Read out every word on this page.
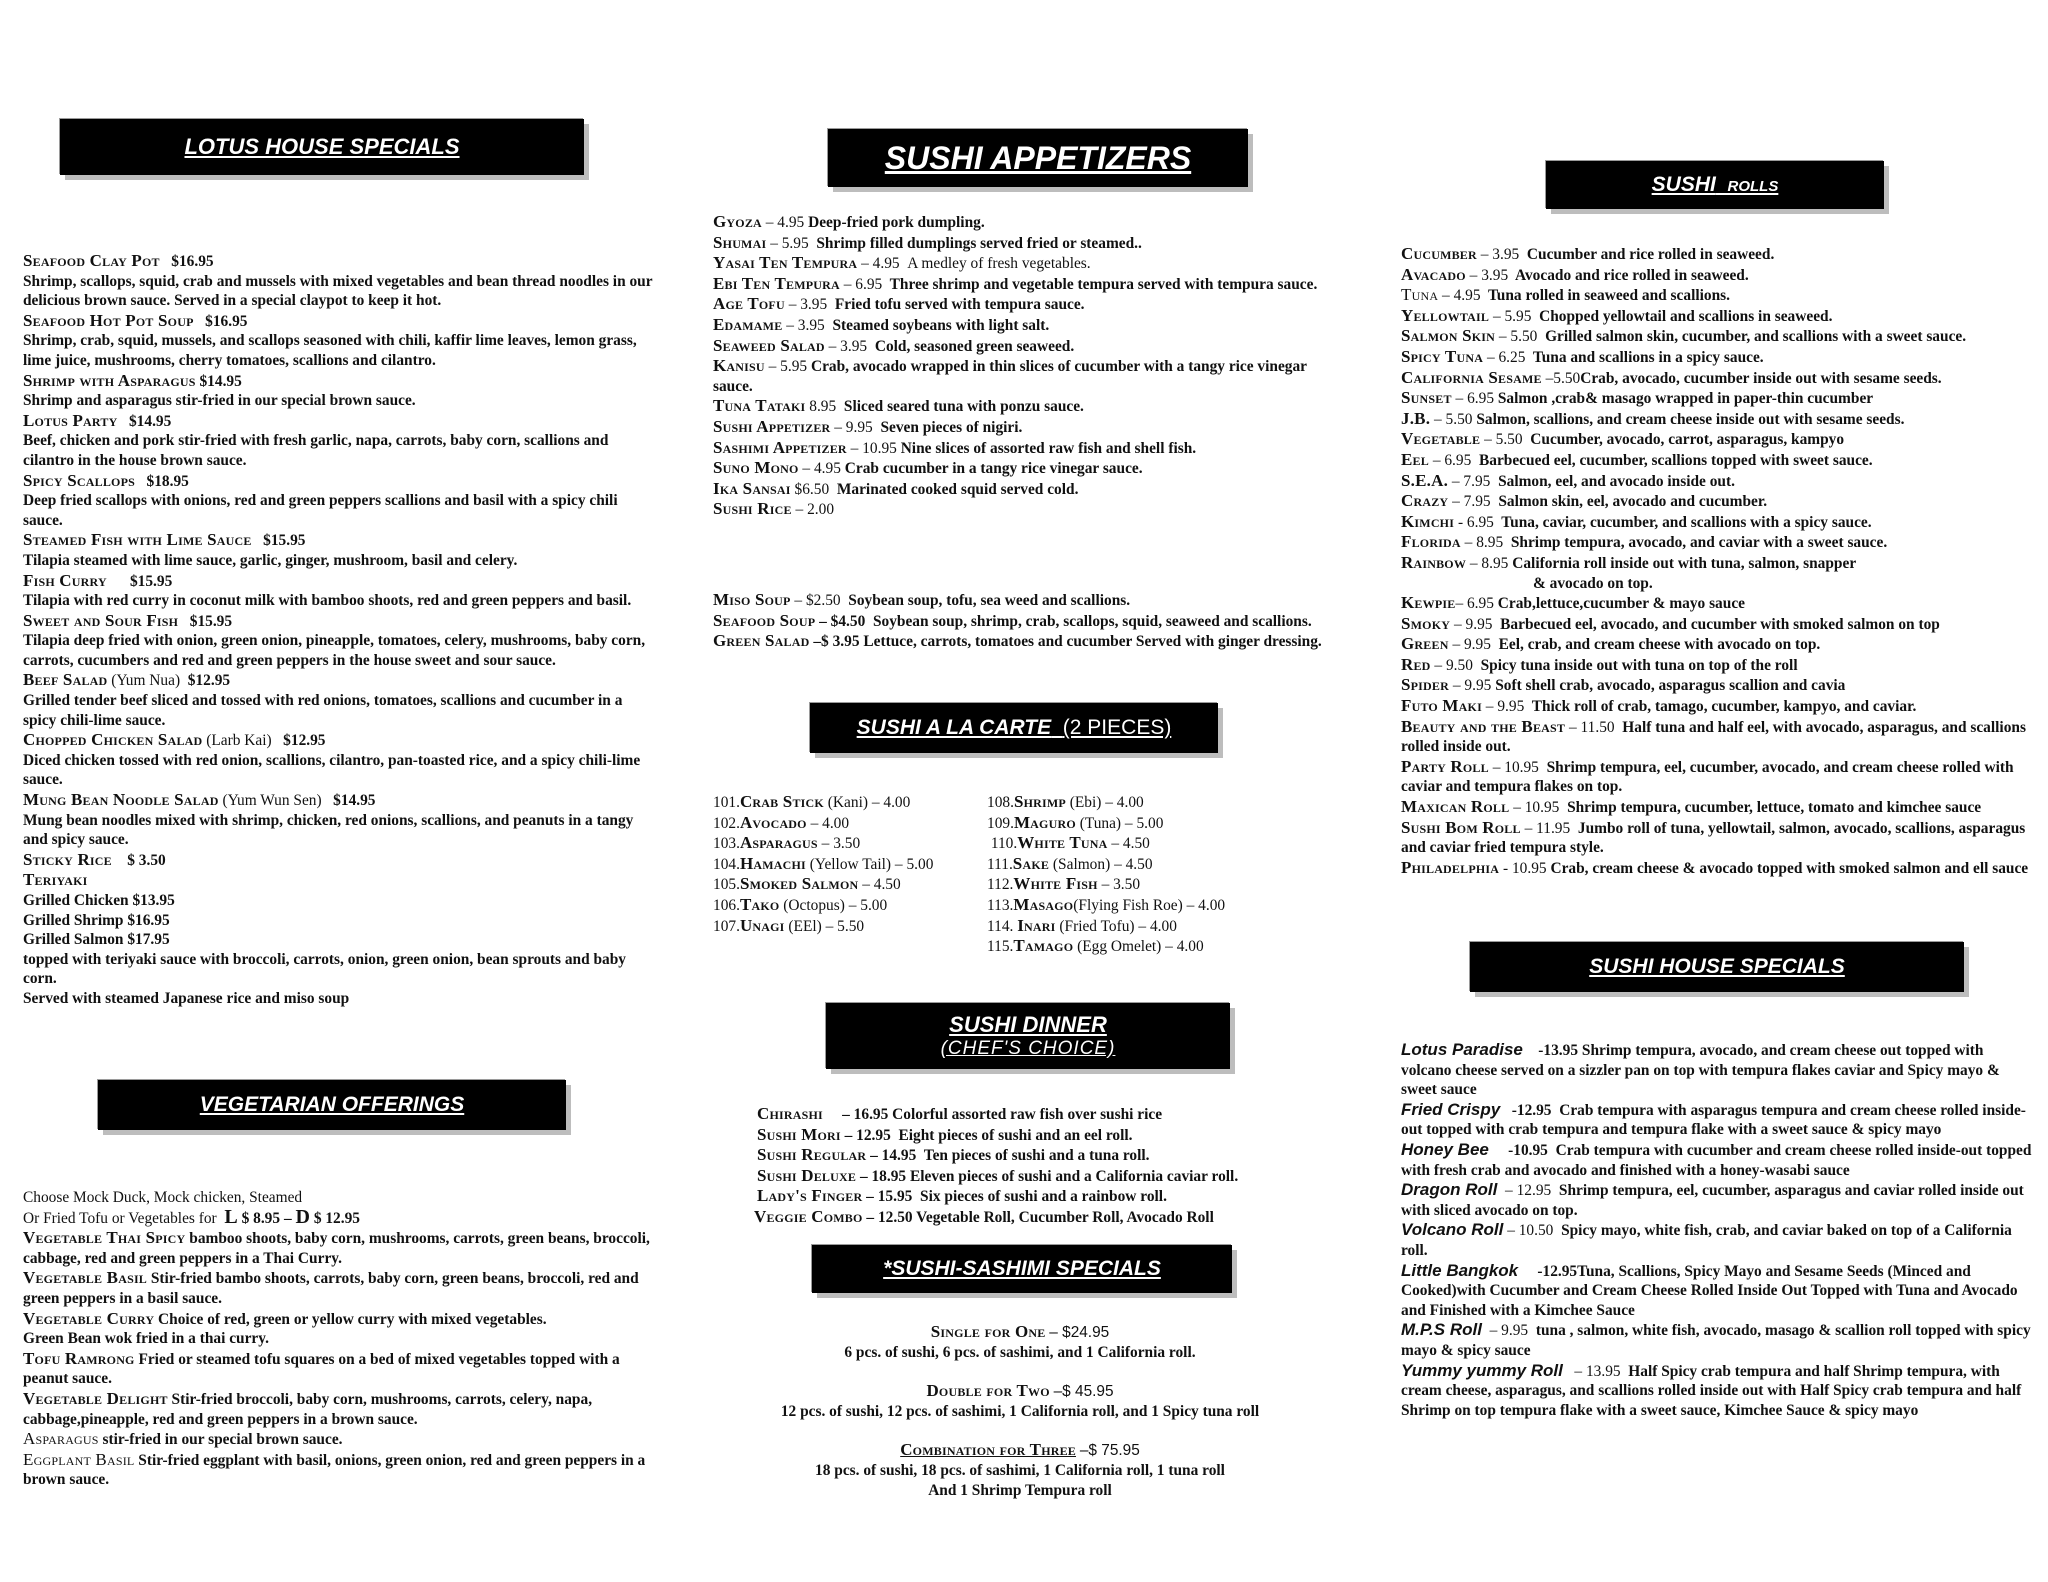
LOTUS HOUSE SPECIALS	SUSHI APPETIZERS
SUSHI ROLLS
VEGETARIAN OFFERINGS
SUSHI A LA CARTE (2 PIECES)
SUSHI DINNER
(CHEF'S CHOICE)
*SUSHI-SASHIMI SPECIALS
SUSHI HOUSE SPECIALS
Seafood Clay Pot $16.95
Shrimp, scallops, squid, crab and mussels with mixed vegetables and bean thread noodles in our delicious brown sauce. Served in a special claypot to keep it hot.
Seafood Hot Pot Soup $16.95
Shrimp, crab, squid, mussels, and scallops seasoned with chili, kaffir lime leaves, lemon grass, lime juice, mushrooms, cherry tomatoes, scallions and cilantro.
Shrimp with Asparagus $14.95
Shrimp and asparagus stir-fried in our special brown sauce.
Lotus Party $14.95
Beef, chicken and pork stir-fried with fresh garlic, napa, carrots, baby corn, scallions and cilantro in the house brown sauce.
Spicy Scallops $18.95
Deep fried scallops with onions, red and green peppers scallions and basil with a spicy chili sauce.
Steamed Fish with Lime Sauce $15.95
Tilapia steamed with lime sauce, garlic, ginger, mushroom, basil and celery.
Fish Curry $15.95
Tilapia with red curry in coconut milk with bamboo shoots, red and green peppers and basil.
Sweet and Sour Fish $15.95
Tilapia deep fried with onion, green onion, pineapple, tomatoes, celery, mushrooms, baby corn, carrots, cucumbers and red and green peppers in the house sweet and sour sauce.
Beef Salad (Yum Nua) $12.95
Grilled tender beef sliced and tossed with red onions, tomatoes, scallions and cucumber in a spicy chili-lime sauce.
Chopped Chicken Salad (Larb Kai) $12.95
Diced chicken tossed with red onion, scallions, cilantro, pan-toasted rice, and a spicy chili-lime sauce.
Mung Bean Noodle Salad (Yum Wun Sen) $14.95
Mung bean noodles mixed with shrimp, chicken, red onions, scallions, and peanuts in a tangy and spicy sauce.
Sticky Rice $ 3.50
Teriyaki
Grilled Chicken $13.95
Grilled Shrimp $16.95
Grilled Salmon $17.95
topped with teriyaki sauce with broccoli, carrots, onion, green onion, bean sprouts and baby corn.
Served with steamed Japanese rice and miso soup
Choose Mock Duck, Mock chicken, Steamed
Or Fried Tofu or Vegetables for L $ 8.95 – D $ 12.95
Vegetable Thai Spicy bamboo shoots, baby corn, mushrooms, carrots, green beans, broccoli, cabbage, red and green peppers in a Thai Curry.
Vegetable Basil Stir-fried bambo shoots, carrots, baby corn, green beans, broccoli, red and green peppers in a basil sauce.
Vegetable Curry Choice of red, green or yellow curry with mixed vegetables.
Green Bean wok fried in a thai curry.
Tofu Ramrong Fried or steamed tofu squares on a bed of mixed vegetables topped with a peanut sauce.
Vegetable Delight Stir-fried broccoli, baby corn, mushrooms, carrots, celery, napa, cabbage,pineapple, red and green peppers in a brown sauce.
Asparagus stir-fried in our special brown sauce.
Eggplant Basil Stir-fried eggplant with basil, onions, green onion, red and green peppers in a brown sauce.
Gyoza – 4.95 Deep-fried pork dumpling.
Shumai – 5.95 Shrimp filled dumplings served fried or steamed..
Yasai Ten Tempura – 4.95 A medley of fresh vegetables.
Ebi Ten Tempura – 6.95 Three shrimp and vegetable tempura served with tempura sauce.
Age Tofu – 3.95 Fried tofu served with tempura sauce.
Edamame – 3.95 Steamed soybeans with light salt.
Seaweed Salad – 3.95 Cold, seasoned green seaweed.
Kanisu – 5.95 Crab, avocado wrapped in thin slices of cucumber with a tangy rice vinegar sauce.
Tuna Tataki 8.95 Sliced seared tuna with ponzu sauce.
Sushi Appetizer – 9.95 Seven pieces of nigiri.
Sashimi Appetizer – 10.95 Nine slices of assorted raw fish and shell fish.
Suno Mono – 4.95 Crab cucumber in a tangy rice vinegar sauce.
Ika Sansai $6.50 Marinated cooked squid served cold.
Sushi Rice – 2.00
Miso Soup – $2.50 Soybean soup, tofu, sea weed and scallions.
Seafood Soup – $4.50 Soybean soup, shrimp, crab, scallops, squid, seaweed and scallions.
Green Salad –$ 3.95 Lettuce, carrots, tomatoes and cucumber Served with ginger dressing.
101.Crab Stick (Kani) – 4.00
102.Avocado – 4.00
103.Asparagus – 3.50
104.Hamachi (Yellow Tail) – 5.00
105.Smoked Salmon – 4.50
106.Tako (Octopus) – 5.00
107.Unagi (EEl) – 5.50
108.Shrimp (Ebi) – 4.00
109.Maguro (Tuna) – 5.00
110.White Tuna – 4.50
111.Sake (Salmon) – 4.50
112.White Fish – 3.50
113.Masago(Flying Fish Roe) – 4.00
114. Inari (Fried Tofu) – 4.00
115.Tamago (Egg Omelet) – 4.00
Chirashi – 16.95 Colorful assorted raw fish over sushi rice
Sushi Mori – 12.95 Eight pieces of sushi and an eel roll.
Sushi Regular – 14.95 Ten pieces of sushi and a tuna roll.
Sushi Deluxe – 18.95 Eleven pieces of sushi and a California caviar roll.
Lady's Finger – 15.95 Six pieces of sushi and a rainbow roll.
Veggie Combo – 12.50 Vegetable Roll, Cucumber Roll, Avocado Roll
Single for One – $24.95
6 pcs. of sushi, 6 pcs. of sashimi, and 1 California roll.
Double for Two –$ 45.95
12 pcs. of sushi, 12 pcs. of sashimi, 1 California roll, and 1 Spicy tuna roll
Combination for Three –$ 75.95
18 pcs. of sushi, 18 pcs. of sashimi, 1 California roll, 1 tuna roll
And 1 Shrimp Tempura roll
Cucumber – 3.95 Cucumber and rice rolled in seaweed.
Avacado – 3.95 Avocado and rice rolled in seaweed.
Tuna – 4.95 Tuna rolled in seaweed and scallions.
Yellowtail – 5.95 Chopped yellowtail and scallions in seaweed.
Salmon Skin – 5.50 Grilled salmon skin, cucumber, and scallions with a sweet sauce.
Spicy Tuna – 6.25 Tuna and scallions in a spicy sauce.
California Sesame –5.50Crab, avocado, cucumber inside out with sesame seeds.
Sunset – 6.95 Salmon ,crab& masago wrapped in paper-thin cucumber
J.B. – 5.50 Salmon, scallions, and cream cheese inside out with sesame seeds.
Vegetable – 5.50 Cucumber, avocado, carrot, asparagus, kampyo
Eel – 6.95 Barbecued eel, cucumber, scallions topped with sweet sauce.
S.E.A. – 7.95 Salmon, eel, and avocado inside out.
Crazy – 7.95 Salmon skin, eel, avocado and cucumber.
Kimchi - 6.95 Tuna, caviar, cucumber, and scallions with a spicy sauce.
Florida – 8.95 Shrimp tempura, avocado, and caviar with a sweet sauce.
Rainbow – 8.95 California roll inside out with tuna, salmon, snapper
& avocado on top.
Kewpie– 6.95 Crab,lettuce,cucumber & mayo sauce
Smoky – 9.95 Barbecued eel, avocado, and cucumber with smoked salmon on top
Green – 9.95 Eel, crab, and cream cheese with avocado on top.
Red – 9.50 Spicy tuna inside out with tuna on top of the roll
Spider – 9.95 Soft shell crab, avocado, asparagus scallion and cavia
Futo Maki – 9.95 Thick roll of crab, tamago, cucumber, kampyo, and caviar.
Beauty and the Beast – 11.50 Half tuna and half eel, with avocado, asparagus, and scallions rolled inside out.
Party Roll – 10.95 Shrimp tempura, eel, cucumber, avocado, and cream cheese rolled with caviar and tempura flakes on top.
Maxican Roll – 10.95 Shrimp tempura, cucumber, lettuce, tomato and kimchee sauce
Sushi Bom Roll – 11.95 Jumbo roll of tuna, yellowtail, salmon, avocado, scallions, asparagus and caviar fried tempura style.
Philadelphia - 10.95 Crab, cream cheese & avocado topped with smoked salmon and ell sauce
Lotus Paradise -13.95 Shrimp tempura, avocado, and cream cheese out topped with volcano cheese served on a sizzler pan on top with tempura flakes caviar and Spicy mayo & sweet sauce
Fried Crispy -12.95 Crab tempura with asparagus tempura and cream cheese rolled inside-out topped with crab tempura and tempura flake with a sweet sauce & spicy mayo
Honey Bee -10.95 Crab tempura with cucumber and cream cheese rolled inside-out topped with fresh crab and avocado and finished with a honey-wasabi sauce
Dragon Roll – 12.95 Shrimp tempura, eel, cucumber, asparagus and caviar rolled inside out with sliced avocado on top.
Volcano Roll – 10.50 Spicy mayo, white fish, crab, and caviar baked on top of a California roll.
Little Bangkok -12.95Tuna, Scallions, Spicy Mayo and Sesame Seeds (Minced and Cooked)with Cucumber and Cream Cheese Rolled Inside Out Topped with Tuna and Avocado and Finished with a Kimchee Sauce
M.P.S Roll – 9.95 tuna , salmon, white fish, avocado, masago & scallion roll topped with spicy mayo & spicy sauce
Yummy yummy Roll – 13.95 Half Spicy crab tempura and half Shrimp tempura, with cream cheese, asparagus, and scallions rolled inside out with Half Spicy crab tempura and half Shrimp on top tempura flake with a sweet sauce, Kimchee Sauce & spicy mayo
